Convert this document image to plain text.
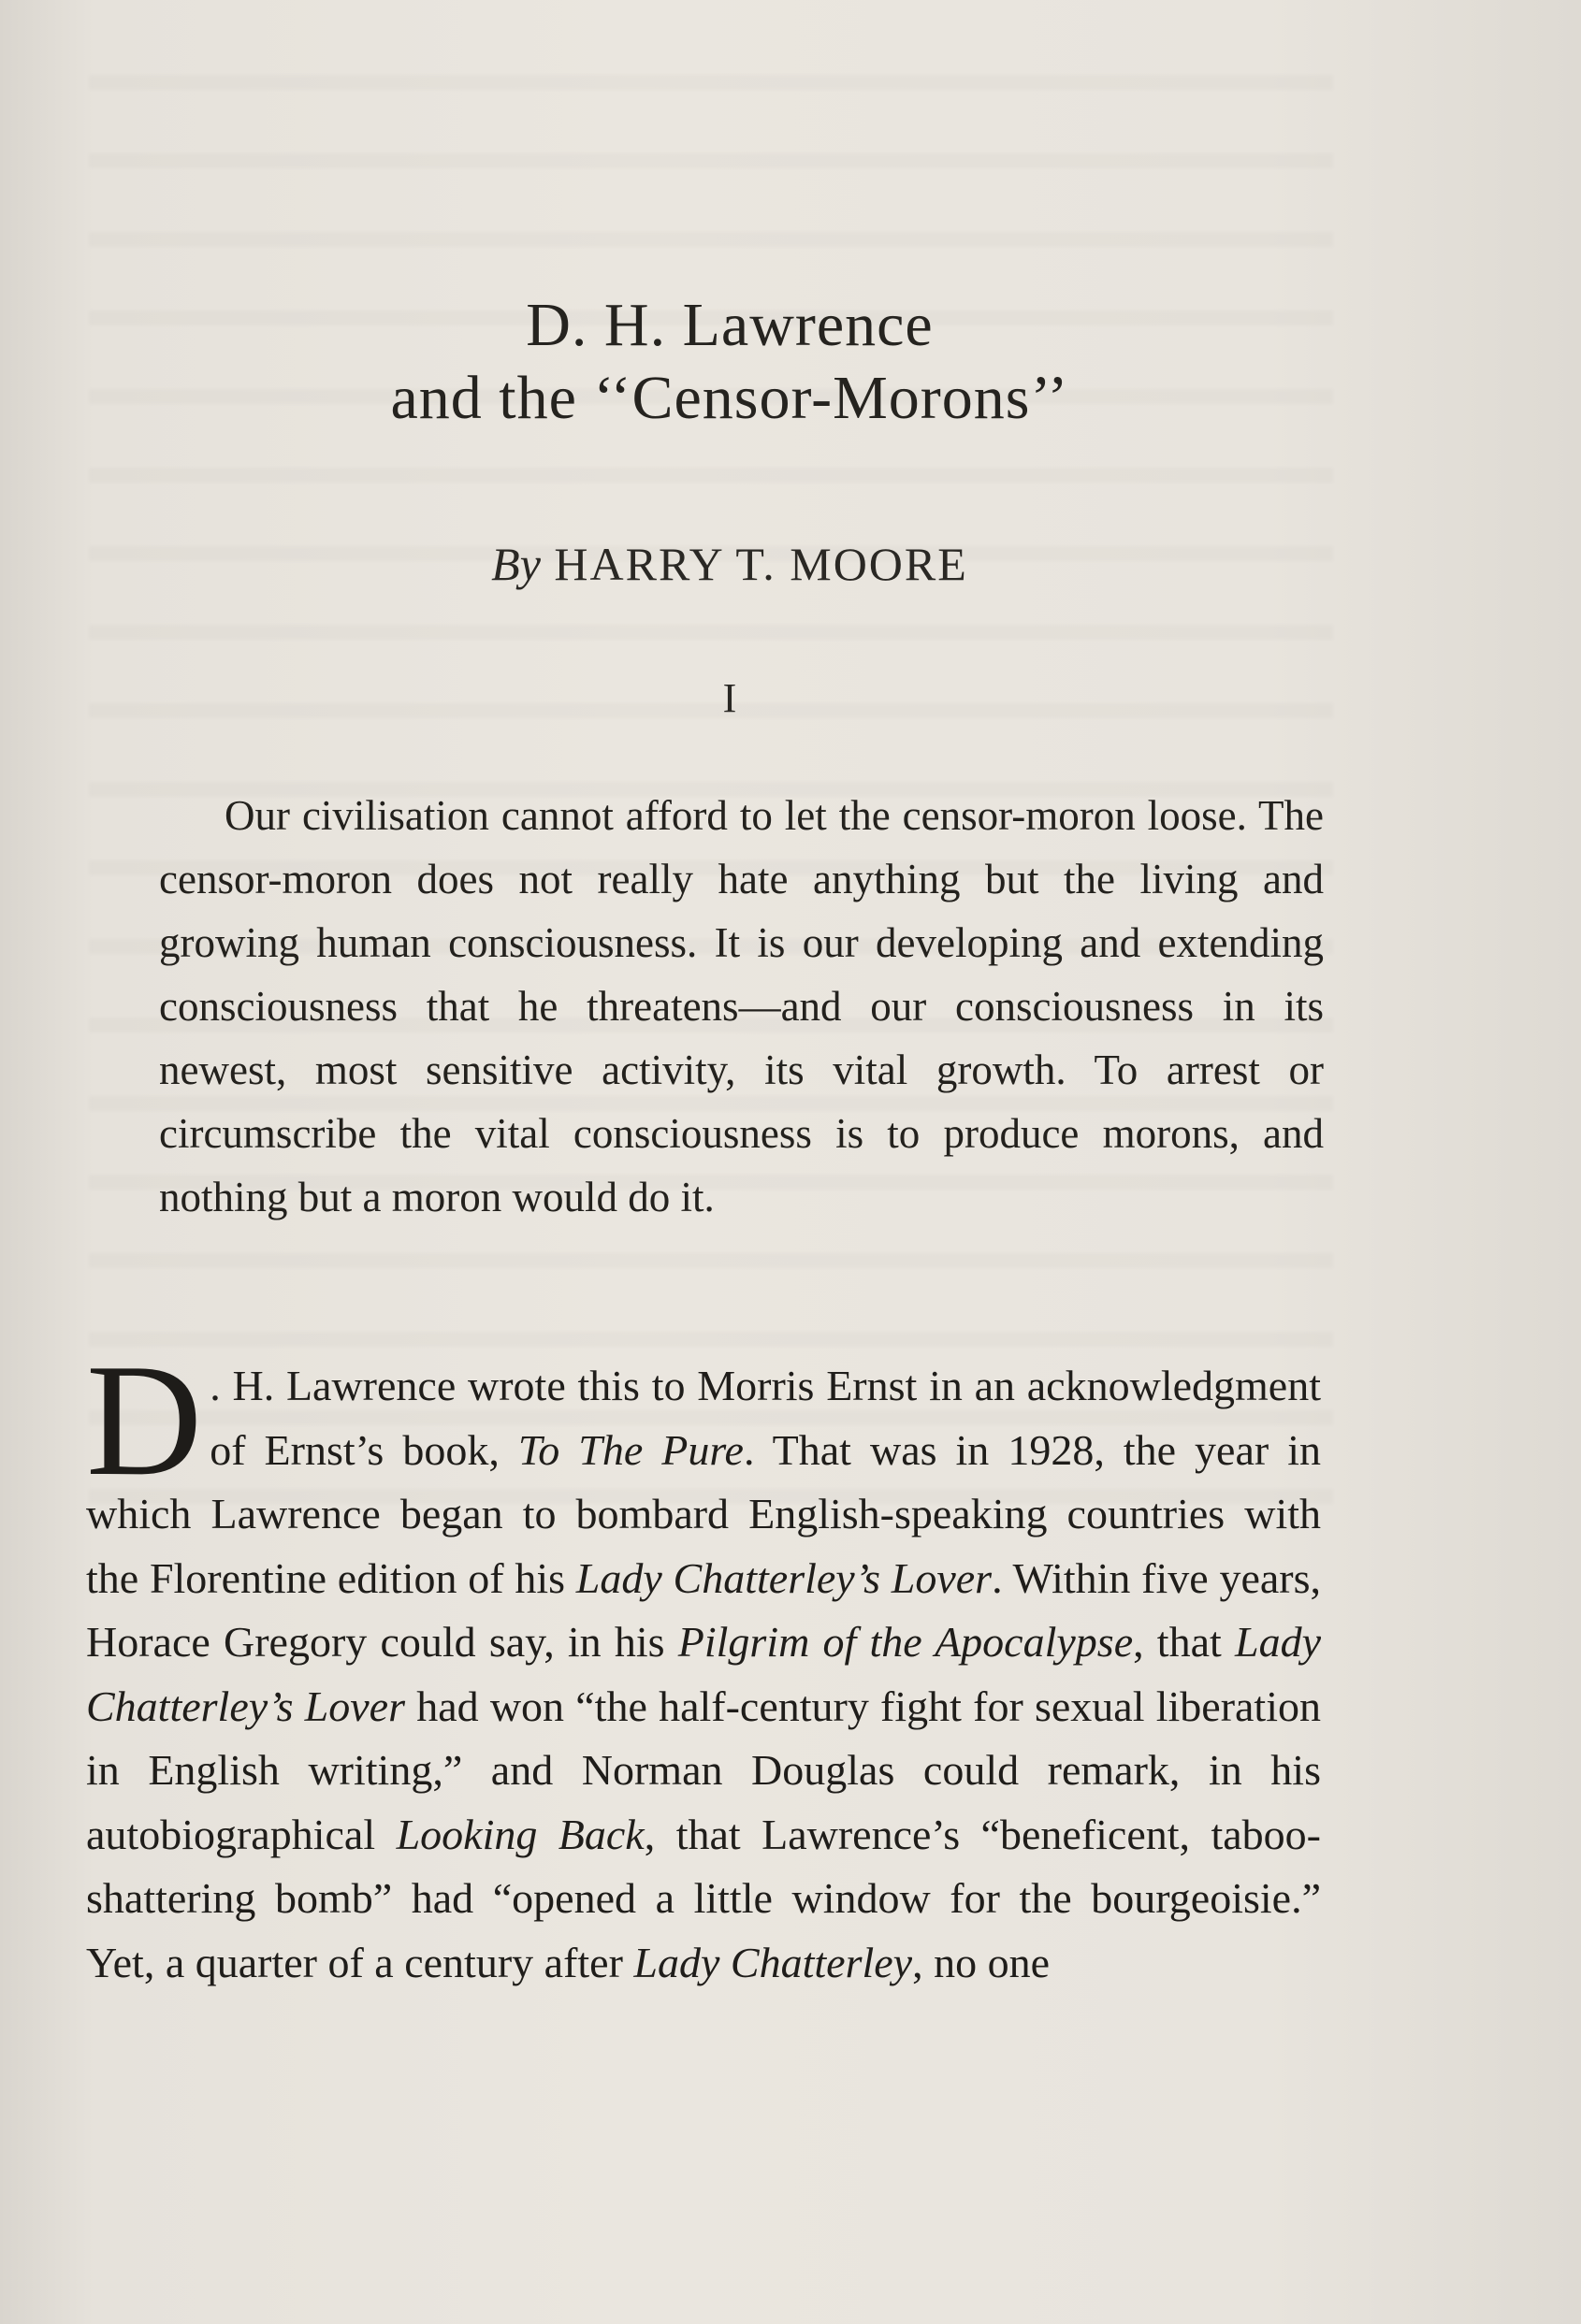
D. H. Lawrence
and the ‘‘Censor-Morons’’
By HARRY T. MOORE
I

Our civilisation cannot afford to let the censor-moron loose. The censor-moron does not really hate anything but the living and growing human consciousness. It is our developing and extending consciousness that he threatens—and our consciousness in its newest, most sensitive activity, its vital growth. To arrest or circumscribe the vital consciousness is to produce morons, and nothing but a moron would do it.

D . H. Lawrence wrote this to Morris Ernst in an acknowledgment of Ernst’s book, To The Pure. That was in 1928, the year in which Lawrence began to bombard English-speaking countries with the Florentine edition of his Lady Chatterley’s Lover. Within five years, Horace Gregory could say, in his Pilgrim of the Apocalypse, that Lady Chatterley’s Lover had won “the half-century fight for sexual liberation in English writing,” and Norman Douglas could remark, in his autobiographical Looking Back, that Lawrence’s “beneficent, taboo-shattering bomb” had “opened a little window for the bourgeoisie.” Yet, a quarter of a century after Lady Chatterley, no one
